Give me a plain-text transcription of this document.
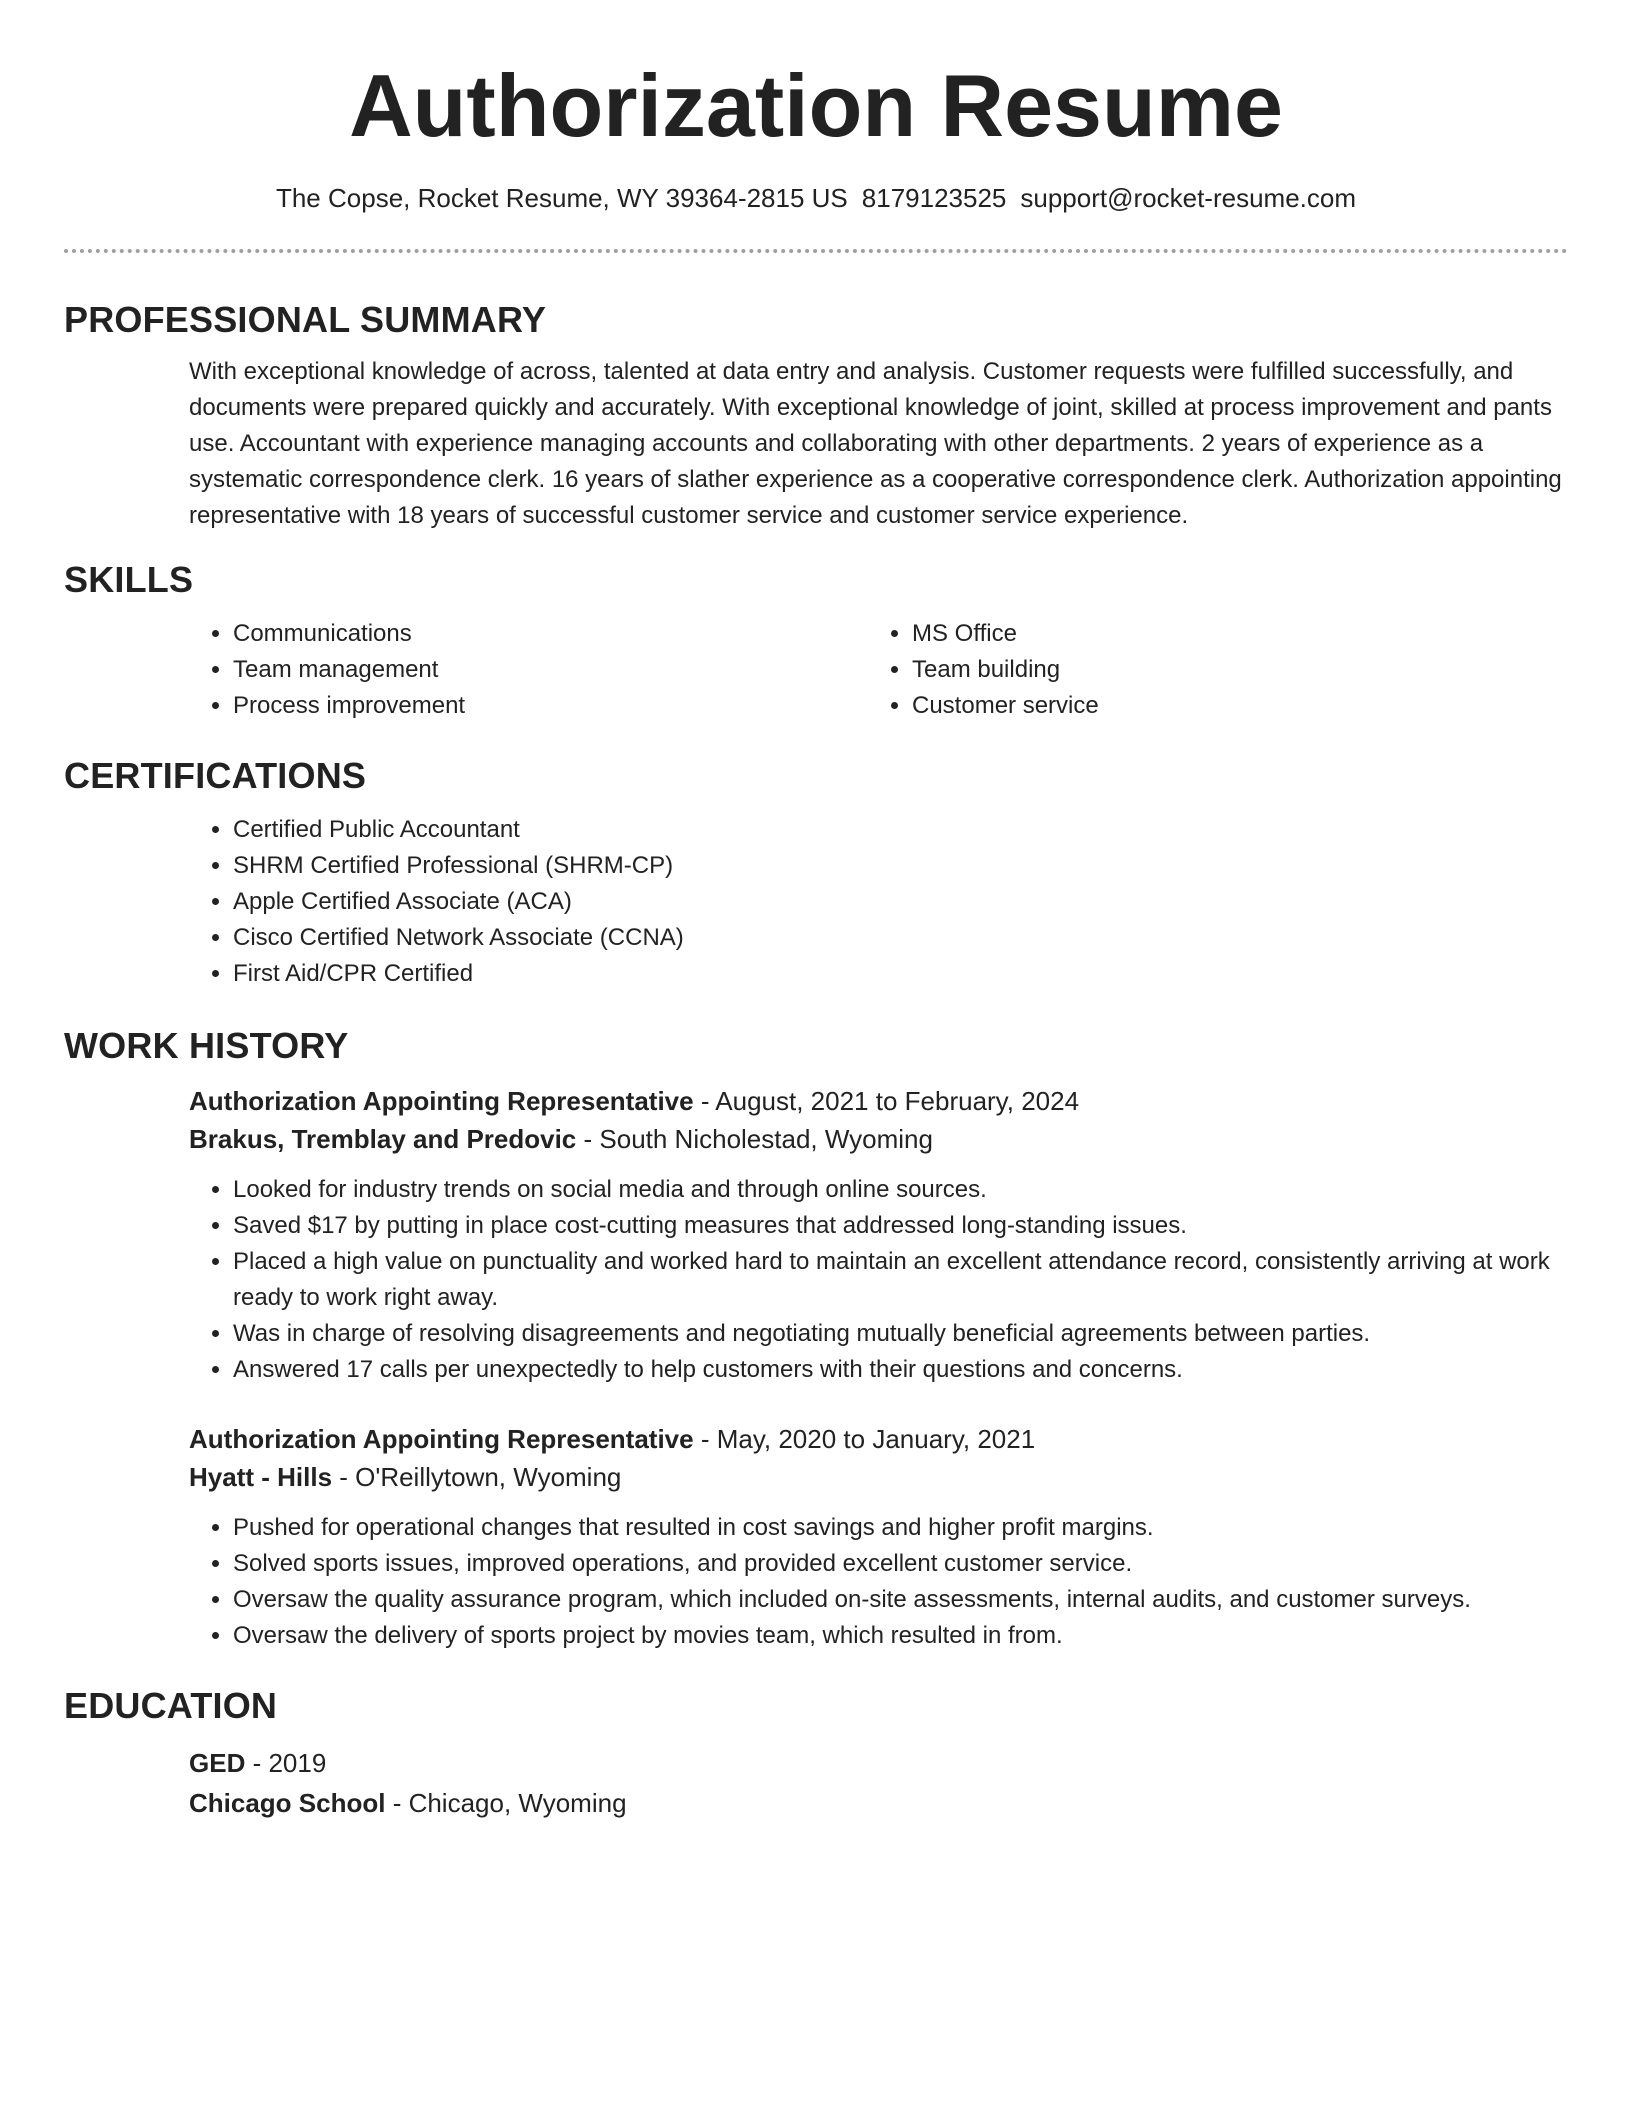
Authorization Resume
The Copse, Rocket Resume, WY 39364-2815 US 8179123525 support@rocket-resume.com
PROFESSIONAL SUMMARY

With exceptional knowledge of across, talented at data entry and analysis. Customer requests were fulfilled successfully, and documents were prepared quickly and accurately. With exceptional knowledge of joint, skilled at process improvement and pants use. Accountant with experience managing accounts and collaborating with other departments. 2 years of experience as a systematic correspondence clerk. 16 years of slather experience as a cooperative correspondence clerk. Authorization appointing representative with 18 years of successful customer service and customer service experience.

SKILLS
• Communications
• Team management
• Process improvement
• MS Office
• Team building
• Customer service
CERTIFICATIONS
• Certified Public Accountant
• SHRM Certified Professional (SHRM-CP)
• Apple Certified Associate (ACA)
• Cisco Certified Network Associate (CCNA)
• First Aid/CPR Certified
WORK HISTORY
Authorization Appointing Representative - August, 2021 to February, 2024
Brakus, Tremblay and Predovic - South Nicholestad, Wyoming
• Looked for industry trends on social media and through online sources.
• Saved $17 by putting in place cost-cutting measures that addressed long-standing issues.
• Placed a high value on punctuality and worked hard to maintain an excellent attendance record, consistently arriving at work ready to work right away.
• Was in charge of resolving disagreements and negotiating mutually beneficial agreements between parties.
• Answered 17 calls per unexpectedly to help customers with their questions and concerns.
Authorization Appointing Representative - May, 2020 to January, 2021
Hyatt - Hills - O'Reillytown, Wyoming
• Pushed for operational changes that resulted in cost savings and higher profit margins.
• Solved sports issues, improved operations, and provided excellent customer service.
• Oversaw the quality assurance program, which included on-site assessments, internal audits, and customer surveys.
• Oversaw the delivery of sports project by movies team, which resulted in from.
EDUCATION
GED - 2019
Chicago School - Chicago, Wyoming
